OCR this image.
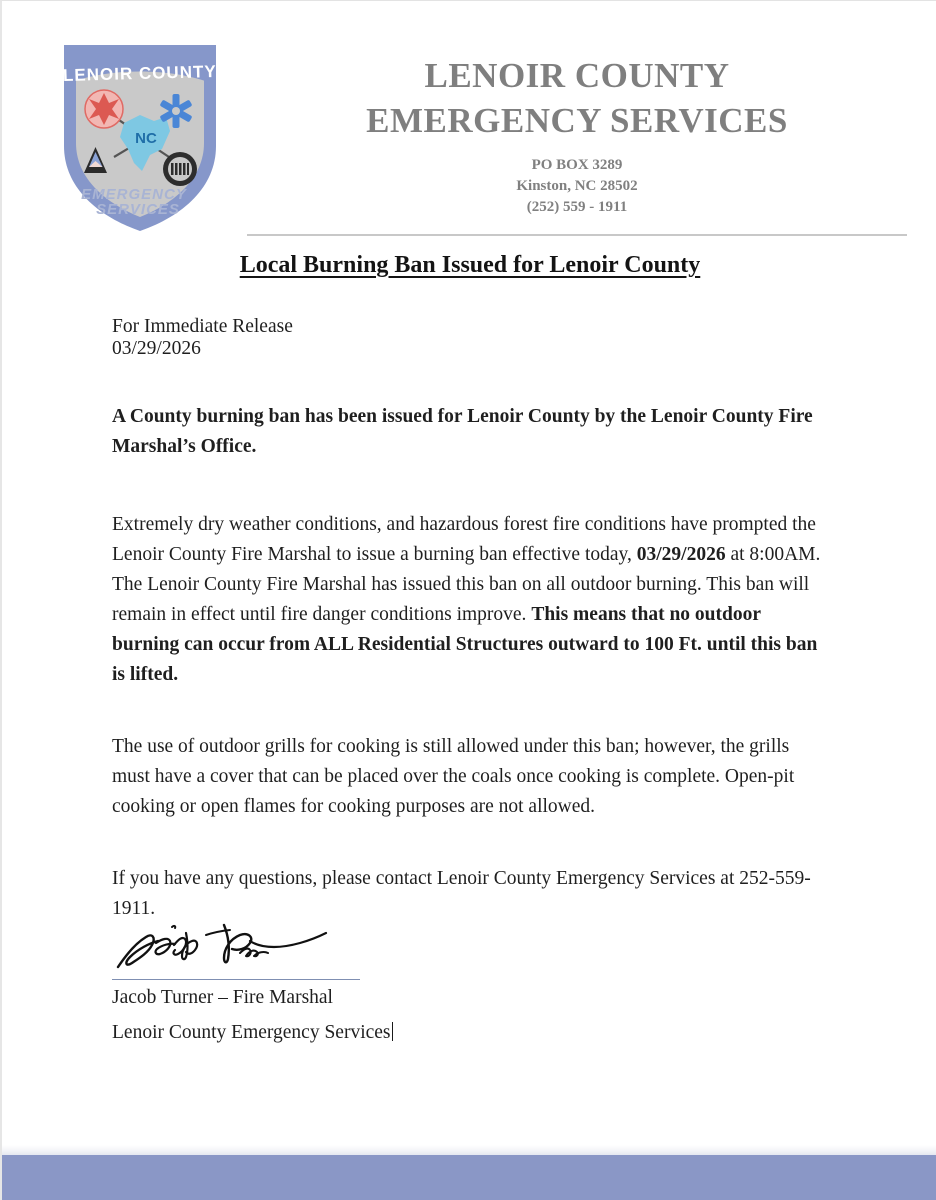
LENOIR COUNTY
NC
EMERGENCY
SERVICES
LENOIR COUNTY
EMERGENCY SERVICES
PO BOX 3289
Kinston, NC 28502
(252) 559 - 1911
Local Burning Ban Issued for Lenoir County

For Immediate Release

03/29/2026

A County burning ban has been issued for Lenoir County by the Lenoir County Fire Marshal’s Office.

Extremely dry weather conditions, and hazardous forest fire conditions have prompted the Lenoir County Fire Marshal to issue a burning ban effective today, 03/29/2026 at 8:00AM. The Lenoir County Fire Marshal has issued this ban on all outdoor burning. This ban will remain in effect until fire danger conditions improve. This means that no outdoor burning can occur from ALL Residential Structures outward to 100 Ft. until this ban is lifted.

The use of outdoor grills for cooking is still allowed under this ban; however, the grills must have a cover that can be placed over the coals once cooking is complete. Open-pit cooking or open flames for cooking purposes are not allowed.

If you have any questions, please contact Lenoir County Emergency Services at 252-559-1911.

Jacob Turner – Fire Marshal
Lenoir County Emergency Services
